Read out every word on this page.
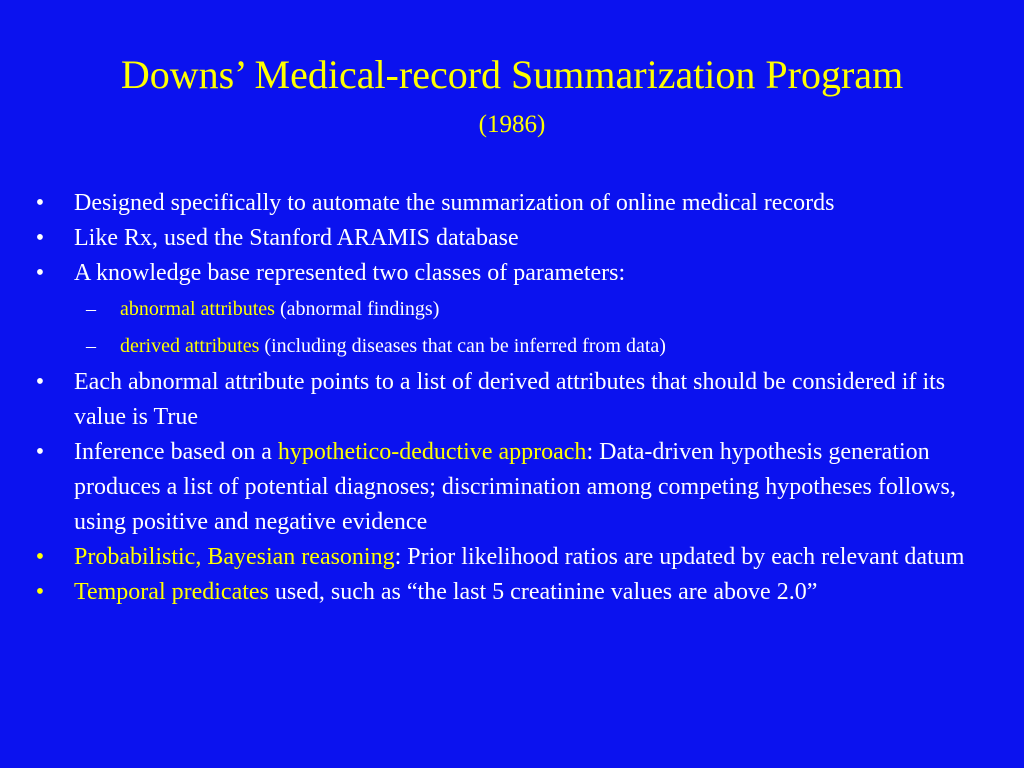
Downs’ Medical-record Summarization Program
(1986)
• Designed specifically to automate the summarization of online medical records
• Like Rx, used the Stanford ARAMIS database
• A knowledge base represented two classes of parameters:
– abnormal attributes (abnormal findings)
– derived attributes (including diseases that can be inferred from data)
• Each abnormal attribute points to a list of derived attributes that should be considered if its value is True
• Inference based on a hypothetico-deductive approach: Data-driven hypothesis generation produces a list of potential diagnoses; discrimination among competing hypotheses follows, using positive and negative evidence
• Probabilistic, Bayesian reasoning: Prior likelihood ratios are updated by each relevant datum
• Temporal predicates used, such as “the last 5 creatinine values are above 2.0”
